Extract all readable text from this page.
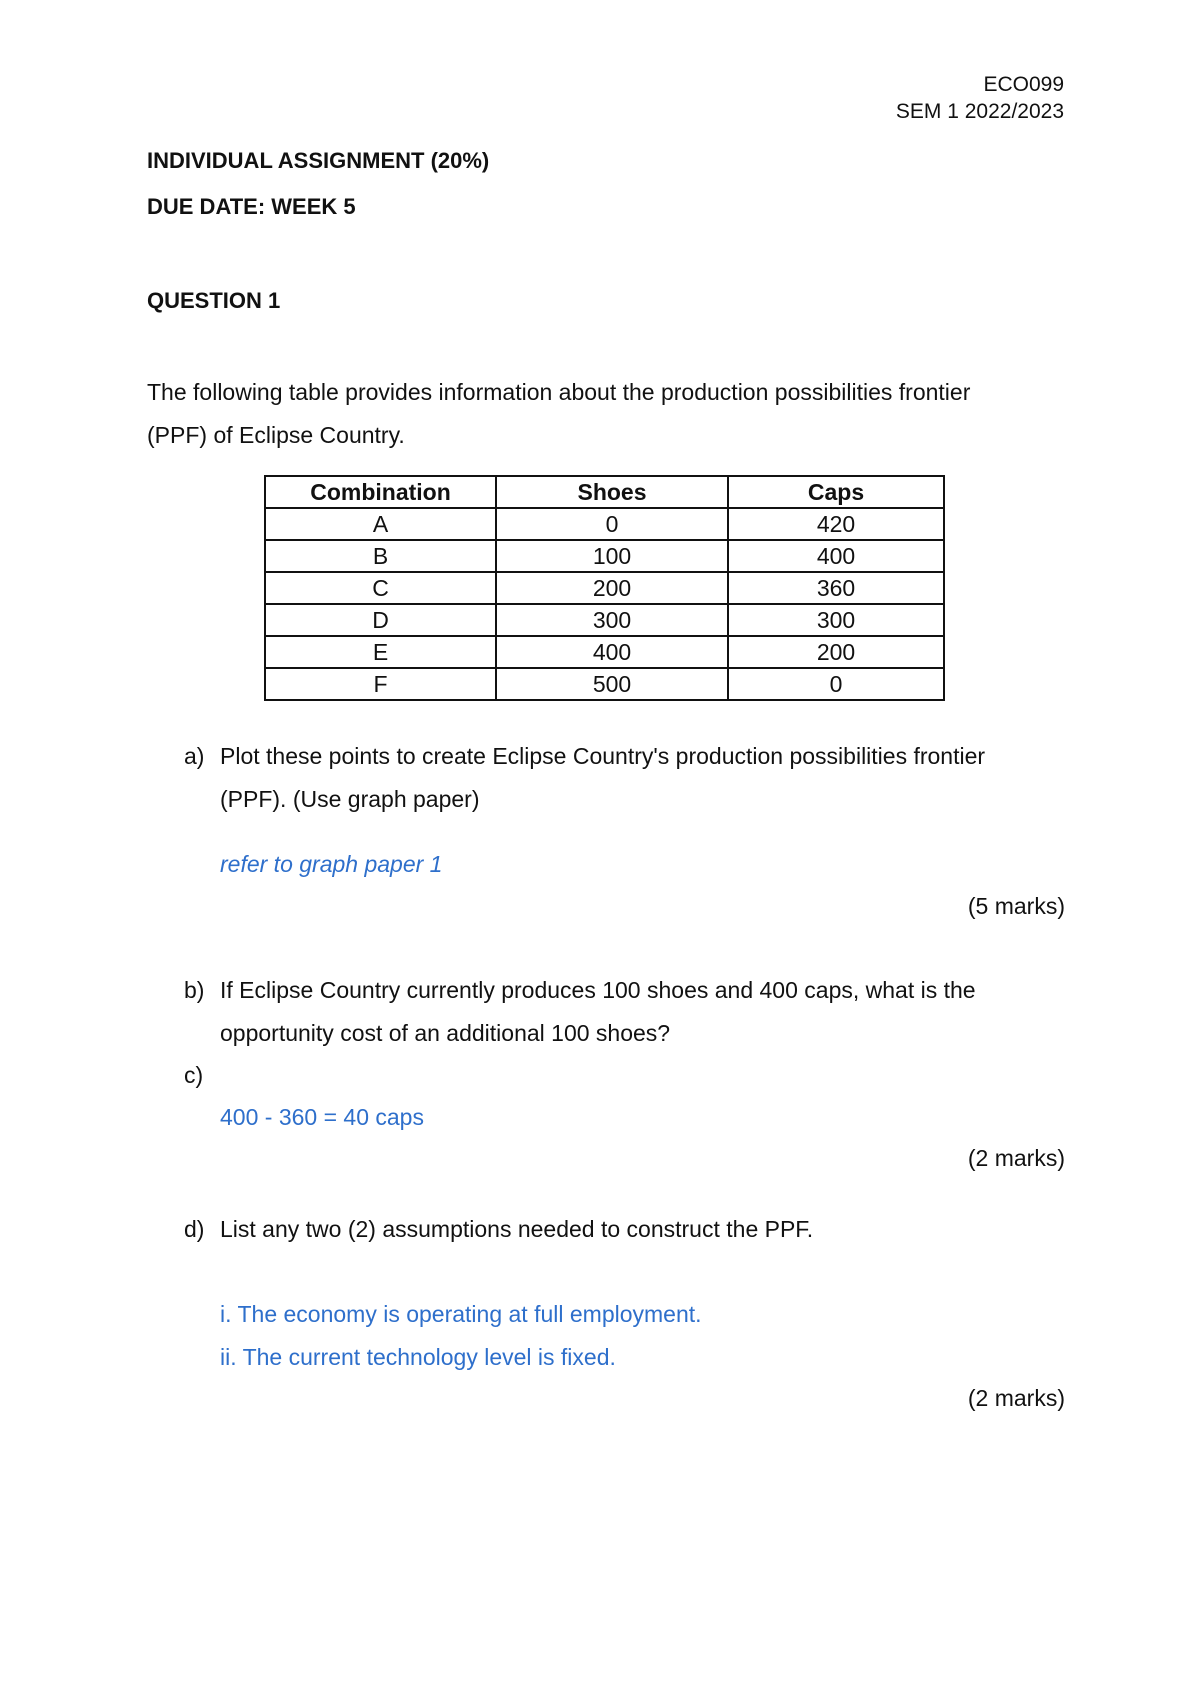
ECO099
SEM 1 2022/2023
INDIVIDUAL ASSIGNMENT (20%)
DUE DATE: WEEK 5
QUESTION 1
The following table provides information about the production possibilities frontier
(PPF) of Eclipse Country.
Combination	Shoes	Caps
A	0	420
B	100	400
C	200	360
D	300	300
E	400	200
F	500	0
a) Plot these points to create Eclipse Country's production possibilities frontier
(PPF). (Use graph paper)
refer to graph paper 1
(5 marks)
b) If Eclipse Country currently produces 100 shoes and 400 caps, what is the
opportunity cost of an additional 100 shoes?
c)
400 - 360 = 40 caps
(2 marks)
d) List any two (2) assumptions needed to construct the PPF.
i. The economy is operating at full employment.
ii. The current technology level is fixed.
(2 marks)
